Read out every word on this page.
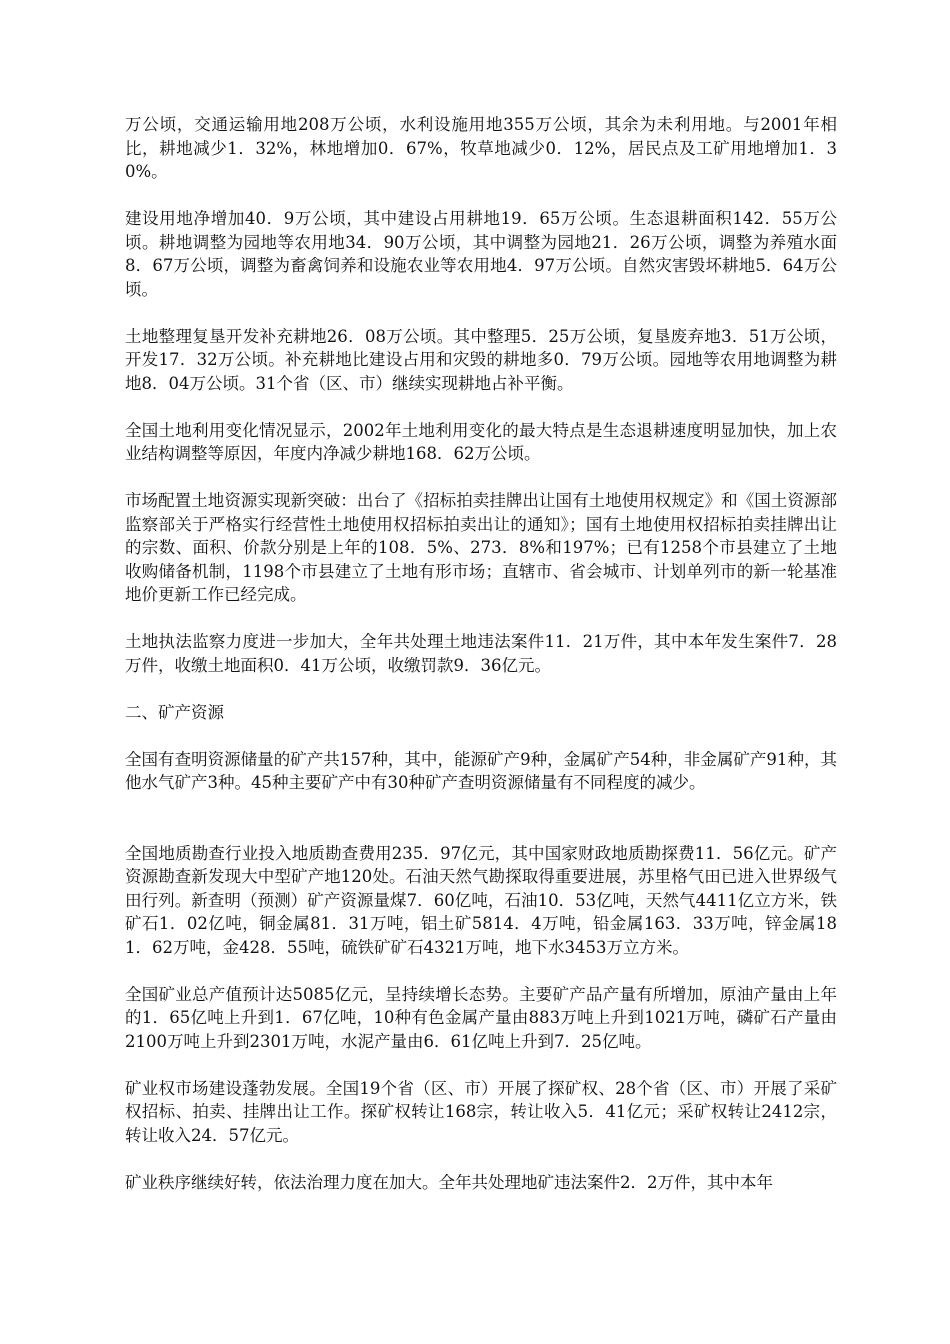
万公顷，交通运输用地208万公顷，水利设施用地355万公顷，其余为未利用地。与2001年相比，耕地减少1．32%，林地增加0．67%，牧草地减少0．12%，居民点及工矿用地增加1．30%。

建设用地净增加40．9万公顷，其中建设占用耕地19．65万公顷。生态退耕面积142．55万公顷。耕地调整为园地等农用地34．90万公顷，其中调整为园地21．26万公顷，调整为养殖水面8．67万公顷，调整为畜禽饲养和设施农业等农用地4．97万公顷。自然灾害毁坏耕地5．64万公顷。

土地整理复垦开发补充耕地26．08万公顷。其中整理5．25万公顷，复垦废弃地3．51万公顷，开发17．32万公顷。补充耕地比建设占用和灾毁的耕地多0．79万公顷。园地等农用地调整为耕地8．04万公顷。31个省（区、市）继续实现耕地占补平衡。

全国土地利用变化情况显示，2002年土地利用变化的最大特点是生态退耕速度明显加快，加上农业结构调整等原因，年度内净减少耕地168．62万公顷。

市场配置土地资源实现新突破：出台了《招标拍卖挂牌出让国有土地使用权规定》和《国土资源部监察部关于严格实行经营性土地使用权招标拍卖出让的通知》；国有土地使用权招标拍卖挂牌出让的宗数、面积、价款分别是上年的108．5%、273．8%和197%；已有1258个市县建立了土地收购储备机制，1198个市县建立了土地有形市场；直辖市、省会城市、计划单列市的新一轮基准地价更新工作已经完成。

土地执法监察力度进一步加大，全年共处理土地违法案件11．21万件，其中本年发生案件7．28万件，收缴土地面积0．41万公顷，收缴罚款9．36亿元。

二、矿产资源

全国有查明资源储量的矿产共157种，其中，能源矿产9种，金属矿产54种，非金属矿产91种，其他水气矿产3种。45种主要矿产中有30种矿产查明资源储量有不同程度的减少。

全国地质勘查行业投入地质勘查费用235．97亿元，其中国家财政地质勘探费11．56亿元。矿产资源勘查新发现大中型矿产地120处。石油天然气勘探取得重要进展，苏里格气田已进入世界级气田行列。新查明（预测）矿产资源量煤7．60亿吨，石油10．53亿吨，天然气4411亿立方米，铁矿石1．02亿吨，铜金属81．31万吨，铝土矿5814．4万吨，铅金属163．33万吨，锌金属181．62万吨，金428．55吨，硫铁矿矿石4321万吨，地下水3453万立方米。

全国矿业总产值预计达5085亿元，呈持续增长态势。主要矿产品产量有所增加，原油产量由上年的1．65亿吨上升到1．67亿吨，10种有色金属产量由883万吨上升到1021万吨，磷矿石产量由2100万吨上升到2301万吨，水泥产量由6．61亿吨上升到7．25亿吨。

矿业权市场建设蓬勃发展。全国19个省（区、市）开展了探矿权、28个省（区、市）开展了采矿权招标、拍卖、挂牌出让工作。探矿权转让168宗，转让收入5．41亿元；采矿权转让2412宗，转让收入24．57亿元。

矿业秩序继续好转，依法治理力度在加大。全年共处理地矿违法案件2．2万件，其中本年
